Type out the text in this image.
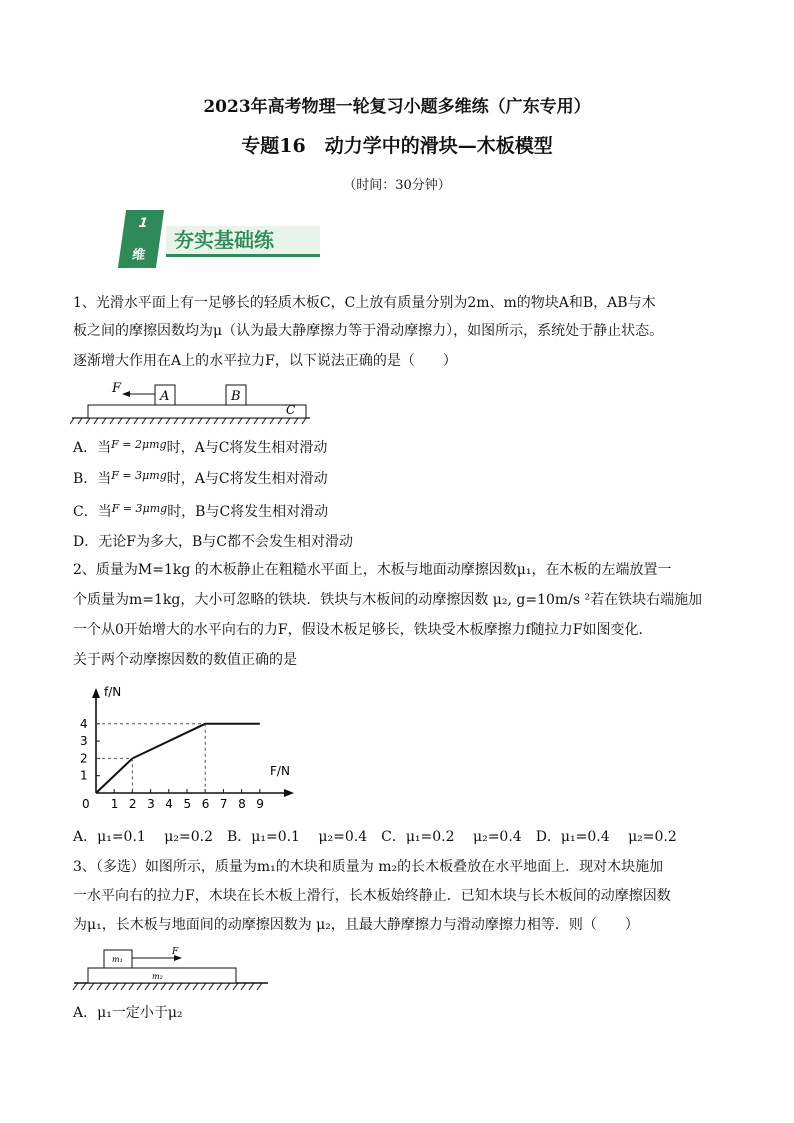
2023年高考物理一轮复习小题多维练（广东专用）
专题16　动力学中的滑块—木板模型
（时间：30分钟）
1
维
夯实基础练
1、光滑水平面上有一足够长的轻质木板C，C上放有质量分别为2m、m的物块A和B，AB与木
板之间的摩擦因数均为μ（认为最大静摩擦力等于滑动摩擦力），如图所示，系统处于静止状态。
逐渐增大作用在A上的水平拉力F，以下说法正确的是（　　）
F
A	B
C
A．当$^{F = 2\mu mg}$时，A与C将发生相对滑动
B．当$^{F = 3\mu mg}$时，A与C将发生相对滑动
C．当$^{F = 3\mu mg}$时，B与C将发生相对滑动
D．无论F为多大，B与C都不会发生相对滑动
2、质量为M=1kg 的木板静止在粗糙水平面上，木板与地面动摩擦因数μ₁，在木板的左端放置一
个质量为m=1kg，大小可忽略的铁块．铁块与木板间的动摩擦因数 μ₂, g=10m/s ²若在铁块右端施加
一个从0开始增大的水平向右的力F，假设木板足够长，铁块受木板摩擦力f随拉力F如图变化．
关于两个动摩擦因数的数值正确的是
f/N
F/N
0 1 2 3 4 5 6 7 8 9
1
2
3
4
A．μ₁=0.1　 μ₂=0.2　B．μ₁=0.1　 μ₂=0.4　C．μ₁=0.2　 μ₂=0.4　D．μ₁=0.4　 μ₂=0.2
3、（多选）如图所示，质量为m₁的木块和质量为 m₂的长木板叠放在水平地面上．现对木块施加
一水平向右的拉力F，木块在长木板上滑行，长木板始终静止．已知木块与长木板间的动摩擦因数
为μ₁，长木板与地面间的动摩擦因数为 μ₂，且最大静摩擦力与滑动摩擦力相等．则（　　）
m₁
m₂
F
A．μ₁一定小于μ₂
